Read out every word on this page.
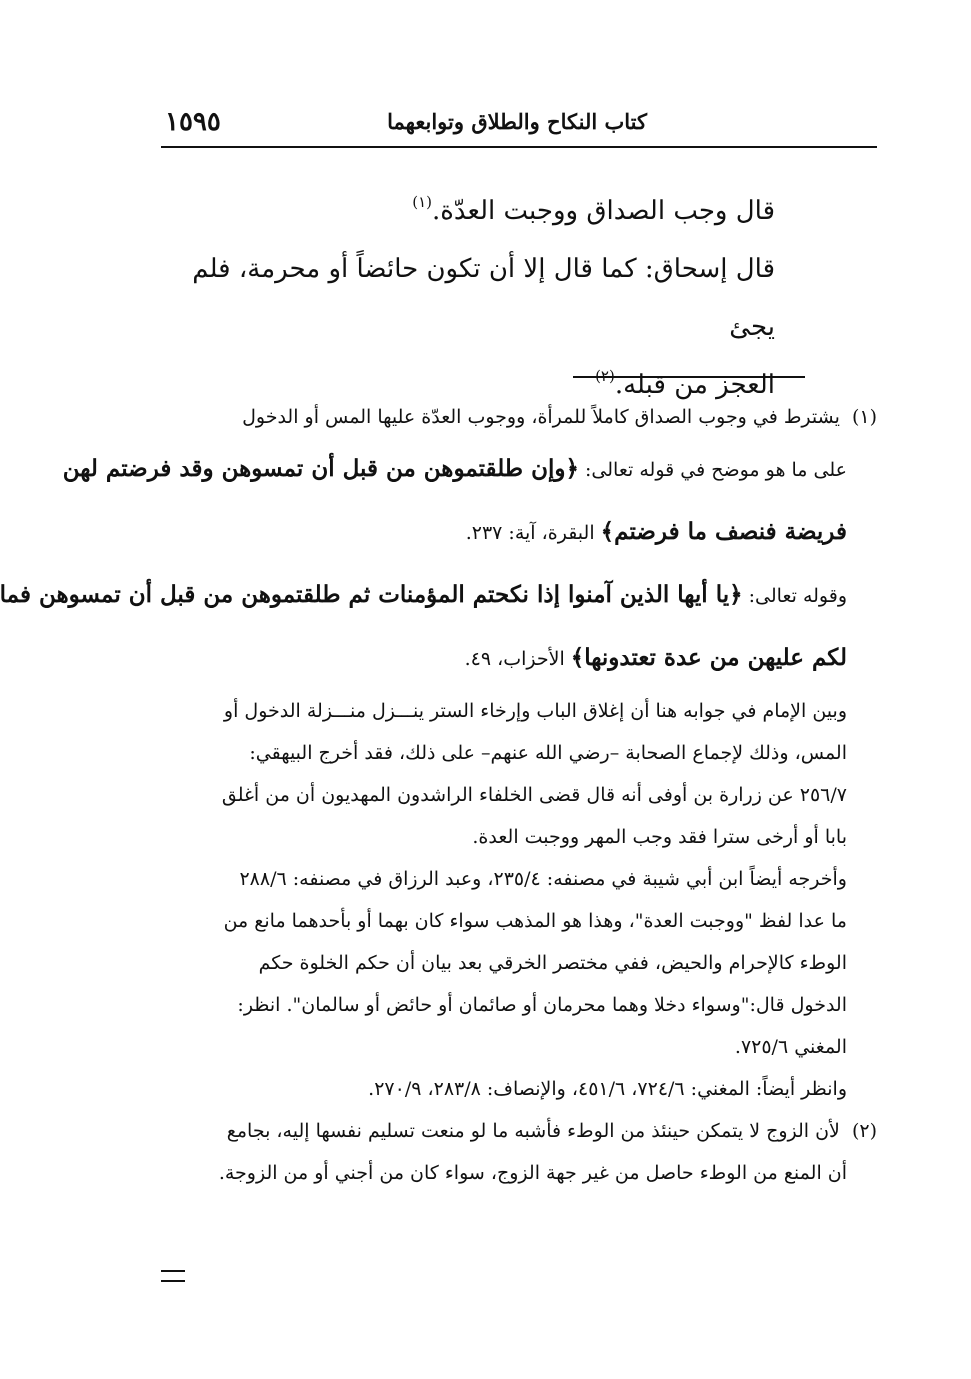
١٥٩٥	كتاب النكاح والطلاق وتوابعهما

قال وجب الصداق ووجبت العدّة.$^{(١)}$

قال إسحاق: كما قال إلا أن تكون حائضاً أو محرمة، فلم يجئ

العجز من قبله.$^{(٢)}$

(١) يشترط في وجوب الصداق كاملاً للمرأة، ووجوب العدّة عليها المس أو الدخول

على ما هو موضح في قوله تعالى: ﴿وإن طلقتموهن من قبل أن تمسوهن وقد فرضتم لهن

فريضة فنصف ما فرضتم﴾ البقرة، آية: ٢٣٧.

وقوله تعالى: ﴿يا أيها الذين آمنوا إذا نكحتم المؤمنات ثم طلقتموهن من قبل أن تمسوهن فما

لكم عليهن من عدة تعتدونها﴾ الأحزاب، ٤٩.

وبين الإمام في جوابه هنا أن إغلاق الباب وإرخاء الستر ينـــزل منـــزلة الدخول أو

المس، وذلك لإجماع الصحابة –رضي الله عنهم– على ذلك، فقد أخرج البيهقي:

٢٥٦/٧ عن زرارة بن أوفى أنه قال قضى الخلفاء الراشدون المهديون أن من أغلق

بابا أو أرخى سترا فقد وجب المهر ووجبت العدة.

وأخرجه أيضاً ابن أبي شيبة في مصنفه: ٢٣٥/٤، وعبد الرزاق في مصنفه: ٢٨٨/٦

ما عدا لفظ "ووجبت العدة"، وهذا هو المذهب سواء كان بهما أو بأحدهما مانع من

الوطء كالإحرام والحيض، ففي مختصر الخرقي بعد بيان أن حكم الخلوة حكم

الدخول قال:"وسواء دخلا وهما محرمان أو صائمان أو حائض أو سالمان". انظر:

المغني ٧٢٥/٦.

وانظر أيضاً: المغني: ٧٢٤/٦، ٤٥١/٦، والإنصاف: ٢٨٣/٨، ٢٧٠/٩.

(٢) لأن الزوج لا يتمكن حينئذ من الوطء فأشبه ما لو منعت تسليم نفسها إليه، بجامع

أن المنع من الوطء حاصل من غير جهة الزوج، سواء كان من أجني أو من الزوجة.
